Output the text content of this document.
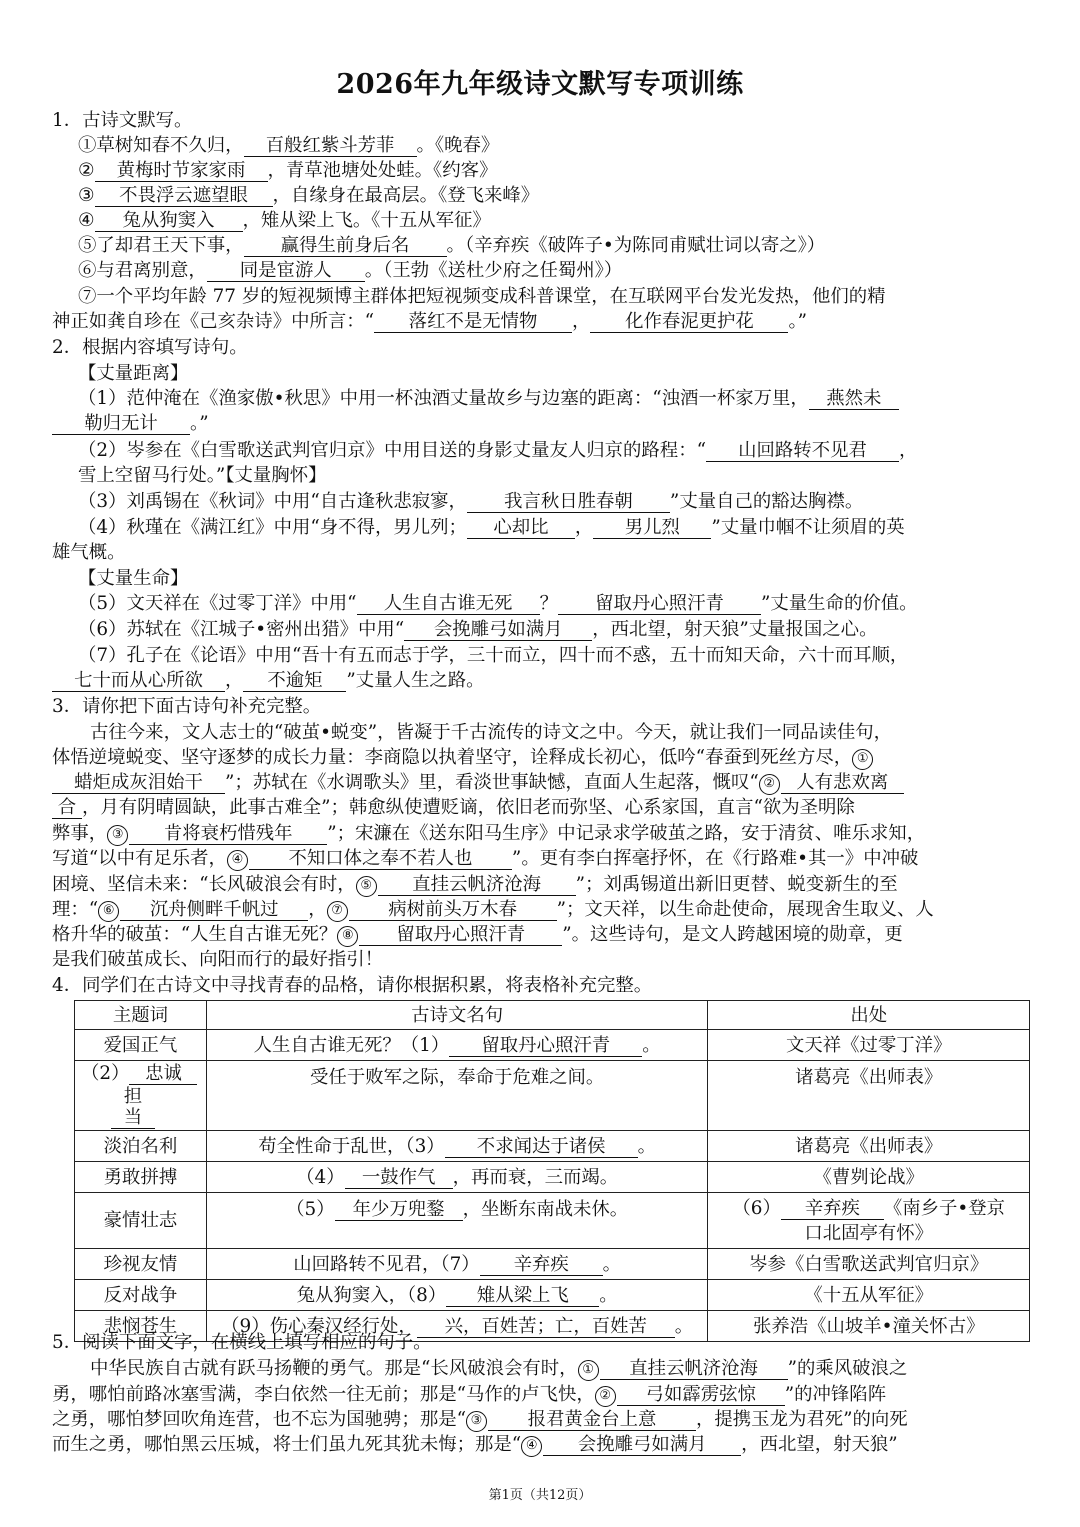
2026年九年级诗文默写专项训练
1．古诗文默写。
①草树知春不久归， 百般红紫斗芳菲 。《晚春》
② 黄梅时节家家雨 ，青草池塘处处蛙。《约客》
③ 不畏浮云遮望眼 ，自缘身在最高层。《登飞来峰》
④ 兔从狗窦入 ，雉从梁上飞。《十五从军征》
⑤了却君王天下事， 赢得生前身后名 。（辛弃疾《破阵子•为陈同甫赋壮词以寄之》）
⑥与君离别意， 同是宦游人 。（王勃《送杜少府之任蜀州》）
⑦一个平均年龄 77 岁的短视频博主群体把短视频变成科普课堂，在互联网平台发光发热，他们的精
神正如龚自珍在《己亥杂诗》中所言：“ 落红不是无情物 ， 化作春泥更护花 。”
2．根据内容填写诗句。
【丈量距离】
（1）范仲淹在《渔家傲•秋思》中用一杯浊酒丈量故乡与边塞的距离：“浊酒一杯家万里， 燕然未
勒归无计 。”
（2）岑参在《白雪歌送武判官归京》中用目送的身影丈量友人归京的路程：“ 山回路转不见君 ，
雪上空留马行处。”【丈量胸怀】
（3）刘禹锡在《秋词》中用“自古逢秋悲寂寥， 我言秋日胜春朝 ”丈量自己的豁达胸襟。
（4）秋瑾在《满江红》中用“身不得，男儿列； 心却比 ， 男儿烈 ”丈量巾帼不让须眉的英
雄气概。
【丈量生命】
（5）文天祥在《过零丁洋》中用“ 人生自古谁无死 ？ 留取丹心照汗青 ”丈量生命的价值。
（6）苏轼在《江城子•密州出猎》中用“ 会挽雕弓如满月 ，西北望，射天狼”丈量报国之心。
（7）孔子在《论语》中用“吾十有五而志于学，三十而立，四十而不惑，五十而知天命，六十而耳顺，
七十而从心所欲 ， 不逾矩 ”丈量人生之路。
3．请你把下面古诗句补充完整。
古往今来，文人志士的“破茧•蜕变”，皆凝于千古流传的诗文之中。今天，就让我们一同品读佳句，
体悟逆境蜕变、坚守逐梦的成长力量：李商隐以执着坚守，诠释成长初心，低吟“春蚕到死丝方尽， ①
蜡炬成灰泪始干 ”；苏轼在《水调歌头》里，看淡世事缺憾，直面人生起落，慨叹“ ② 人有悲欢离
合 ，月有阴晴圆缺，此事古难全”；韩愈纵使遭贬谪，依旧老而弥坚、心系家国，直言“欲为圣明除
弊事， ③ 肯将衰朽惜残年 ”；宋濂在《送东阳马生序》中记录求学破茧之路，安于清贫、唯乐求知，
写道“以中有足乐者， ④ 不知口体之奉不若人也 ”。更有李白挥毫抒怀，在《行路难•其一》中冲破
困境、坚信未来：“长风破浪会有时， ⑤ 直挂云帆济沧海 ”；刘禹锡道出新旧更替、蜕变新生的至
理：“ ⑥ 沉舟侧畔千帆过 ， ⑦ 病树前头万木春 ”；文天祥，以生命赴使命，展现舍生取义、人
格升华的破茧：“人生自古谁无死？ ⑧ 留取丹心照汗青 ”。这些诗句，是文人跨越困境的勋章，更
是我们破茧成长、向阳而行的最好指引！
4．同学们在古诗文中寻找青春的品格，请你根据积累，将表格补充完整。
主题词	古诗文名句	出处
爱国正气	人生自古谁无死？（1） 留取丹心照汗青 。	文天祥《过零丁洋》
（2） 忠诚
担当	受任于败军之际，奉命于危难之间。	诸葛亮《出师表》
淡泊名利	苟全性命于乱世，（3） 不求闻达于诸侯 。	诸葛亮《出师表》
勇敢拼搏	（4） 一鼓作气 ，再而衰，三而竭。	《曹刿论战》
豪情壮志	（5） 年少万兜鍪 ，坐断东南战未休。	（6） 辛弃疾 《南乡子•登京
口北固亭有怀》
珍视友情	山回路转不见君，（7） 辛弃疾 。	岑参《白雪歌送武判官归京》
反对战争	兔从狗窦入，（8） 雉从梁上飞 。	《十五从军征》
悲悯苍生	（9）伤心秦汉经行处， 兴，百姓苦；亡，百姓苦 。	张养浩《山坡羊•潼关怀古》
5．阅读下面文字，在横线上填写相应的句子。
中华民族自古就有跃马扬鞭的勇气。那是“长风破浪会有时， ① 直挂云帆济沧海 ”的乘风破浪之
勇，哪怕前路冰塞雪满，李白依然一往无前；那是“马作的卢飞快， ② 弓如霹雳弦惊 ”的冲锋陷阵
之勇，哪怕梦回吹角连营，也不忘为国驰骋；那是“ ③ 报君黄金台上意 ，提携玉龙为君死”的向死
而生之勇，哪怕黑云压城，将士们虽九死其犹未悔；那是“ ④ 会挽雕弓如满月 ，西北望，射天狼”
第1页（共12页）
